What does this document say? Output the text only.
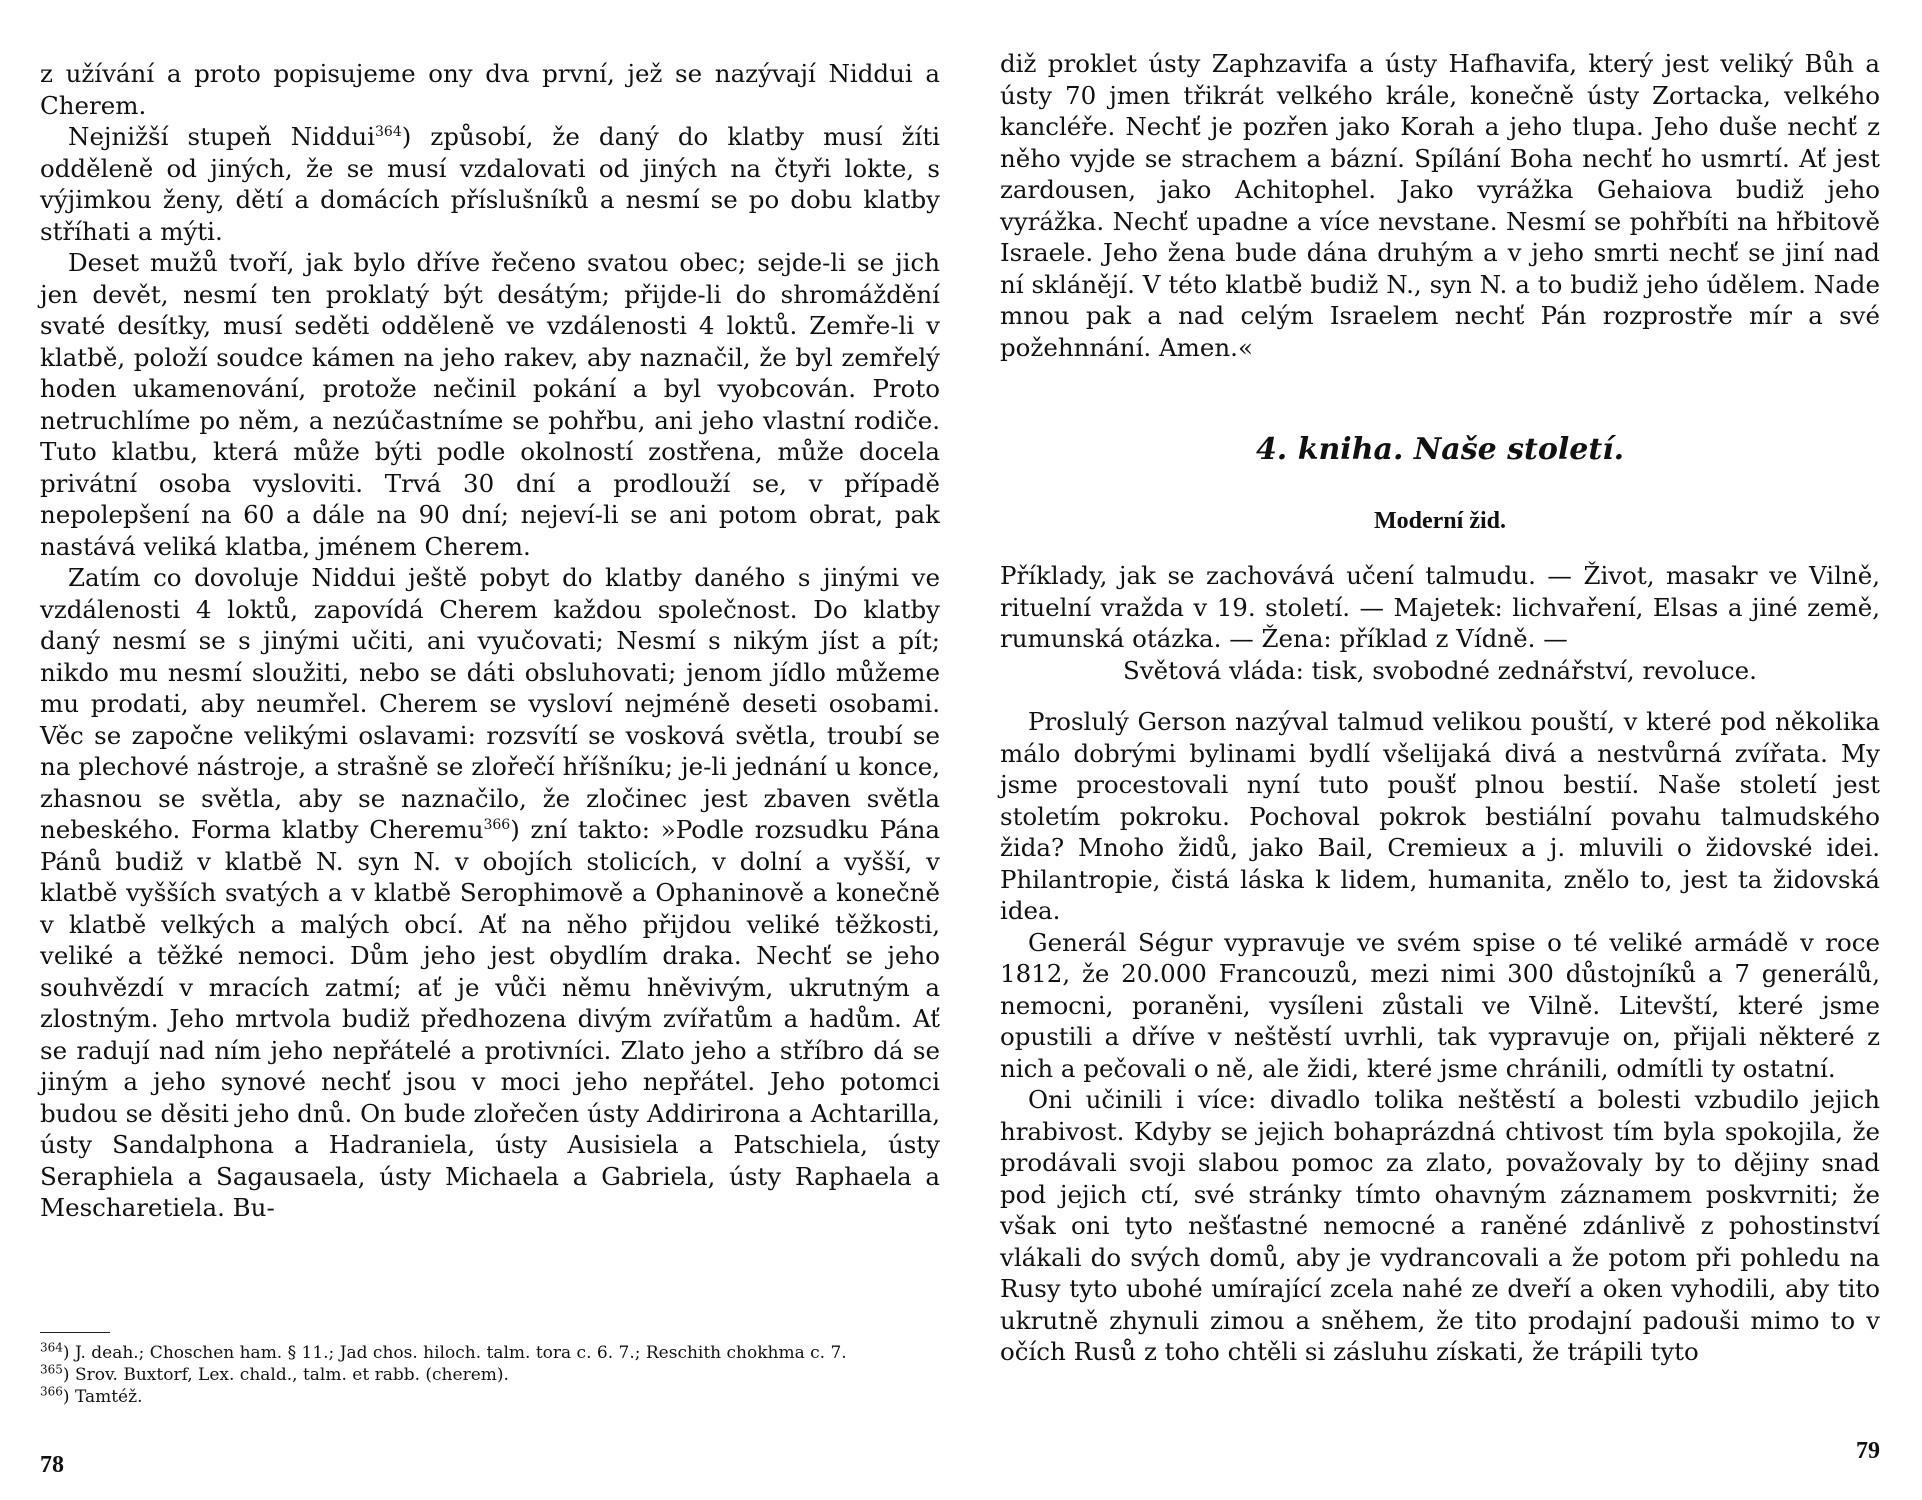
z užívání a proto popisujeme ony dva první, jež se nazývají Niddui a Cherem.

Nejnižší stupeň Niddui$^{364}$) způsobí, že daný do klatby musí žíti odděleně od jiných, že se musí vzdalovati od jiných na čtyři lokte, s výjimkou ženy, dětí a domácích příslušníků a nesmí se po dobu klatby stříhati a mýti.

Deset mužů tvoří, jak bylo dříve řečeno svatou obec; sejde-li se jich jen devět, nesmí ten proklatý být desátým; přijde-li do shromáždění svaté desítky, musí seděti odděleně ve vzdálenosti 4 loktů. Zemře-li v klatbě, položí soudce kámen na jeho rakev, aby naznačil, že byl zemřelý hoden ukamenování, protože nečinil pokání a byl vyobcován. Proto netruchlíme po něm, a nezúčastníme se pohřbu, ani jeho vlastní rodiče. Tuto klatbu, která může býti podle okolností zostřena, může docela privátní osoba vysloviti. Trvá 30 dní a prodlouží se, v případě nepolepšení na 60 a dále na 90 dní; nejeví-li se ani potom obrat, pak nastává veliká klatba, jménem Cherem.

Zatím co dovoluje Niddui ještě pobyt do klatby daného s jinými ve vzdálenosti 4 loktů, zapovídá Cherem každou společnost. Do klatby daný nesmí se s jinými učiti, ani vyučovati; Nesmí s nikým jíst a pít; nikdo mu nesmí sloužiti, nebo se dáti obsluhovati; jenom jídlo můžeme mu prodati, aby neumřel. Cherem se vysloví nejméně deseti osobami. Věc se započne velikými oslavami: rozsvítí se vosková světla, troubí se na plechové nástroje, a strašně se zlořečí hříšníku; je-li jednání u konce, zhasnou se světla, aby se naznačilo, že zločinec jest zbaven světla nebeského. Forma klatby Cheremu$^{366}$) zní takto: »Podle rozsudku Pána Pánů budiž v klatbě N. syn N. v obojích stolicích, v dolní a vyšší, v klatbě vyšších svatých a v klatbě Serophimově a Ophaninově a konečně v klatbě velkých a malých obcí. Ať na něho přijdou veliké těžkosti, veliké a těžké nemoci. Dům jeho jest obydlím draka. Nechť se jeho souhvězdí v mracích zatmí; ať je vůči němu hněvivým, ukrutným a zlostným. Jeho mrtvola budiž předhozena divým zvířatům a hadům. Ať se radují nad ním jeho nepřátelé a protivníci. Zlato jeho a stříbro dá se jiným a jeho synové nechť jsou v moci jeho nepřátel. Jeho potomci budou se děsiti jeho dnů. On bude zlořečen ústy Addirirona a Achtarilla, ústy Sandalphona a Hadraniela, ústy Ausisiela a Patschiela, ústy Seraphiela a Sagausaela, ústy Michaela a Gabriela, ústy Raphaela a Mescharetiela. Bu-

$^{364}$) J. deah.; Choschen ham. § 11.; Jad chos. hiloch. talm. tora c. 6. 7.; Reschith chokhma c. 7.

$^{365}$) Srov. Buxtorf, Lex. chald., talm. et rabb. (cherem).

$^{366}$) Tamtéž.

78

diž proklet ústy Zaphzavifa a ústy Hafhavifa, který jest veliký Bůh a ústy 70 jmen třikrát velkého krále, konečně ústy Zortacka, velkého kancléře. Nechť je pozřen jako Korah a jeho tlupa. Jeho duše nechť z něho vyjde se strachem a bázní. Spílání Boha nechť ho usmrtí. Ať jest zardousen, jako Achitophel. Jako vyrážka Gehaiova budiž jeho vyrážka. Nechť upadne a více nevstane. Nesmí se pohřbíti na hřbitově Israele. Jeho žena bude dána druhým a v jeho smrti nechť se jiní nad ní sklánějí. V této klatbě budiž N., syn N. a to budiž jeho údělem. Nade mnou pak a nad celým Israelem nechť Pán rozprostře mír a své požehnnání. Amen.«

4. kniha. Naše století.
Moderní žid.

Příklady, jak se zachovává učení talmudu. — Život, masakr ve Vilně, rituelní vražda v 19. století. — Majetek: lichvaření, Elsas a jiné země, rumunská otázka. — Žena: příklad z Vídně. —

Světová vláda: tisk, svobodné zednářství, revoluce.

Proslulý Gerson nazýval talmud velikou pouští, v které pod několika málo dobrými bylinami bydlí všelijaká divá a nestvůrná zvířata. My jsme procestovali nyní tuto poušť plnou bestií. Naše století jest stoletím pokroku. Pochoval pokrok bestiální povahu talmudského žida? Mnoho židů, jako Bail, Cremieux a j. mluvili o židovské idei. Philantropie, čistá láska k lidem, humanita, znělo to, jest ta židovská idea.

Generál Ségur vypravuje ve svém spise o té veliké armádě v roce 1812, že 20.000 Francouzů, mezi nimi 300 důstojníků a 7 generálů, nemocni, poraněni, vysíleni zůstali ve Vilně. Litevští, které jsme opustili a dříve v neštěstí uvrhli, tak vypravuje on, přijali některé z nich a pečovali o ně, ale židi, které jsme chránili, odmítli ty ostatní.

Oni učinili i více: divadlo tolika neštěstí a bolesti vzbudilo jejich hrabivost. Kdyby se jejich bohaprázdná chtivost tím byla spokojila, že prodávali svoji slabou pomoc za zlato, považovaly by to dějiny snad pod jejich ctí, své stránky tímto ohavným záznamem poskvrniti; že však oni tyto nešťastné nemocné a raněné zdánlivě z pohostinství vlákali do svých domů, aby je vydrancovali a že potom při pohledu na Rusy tyto ubohé umírající zcela nahé ze dveří a oken vyhodili, aby tito ukrutně zhynuli zimou a sněhem, že tito prodajní padouši mimo to v očích Rusů z toho chtěli si zásluhu získati, že trápili tyto

79
